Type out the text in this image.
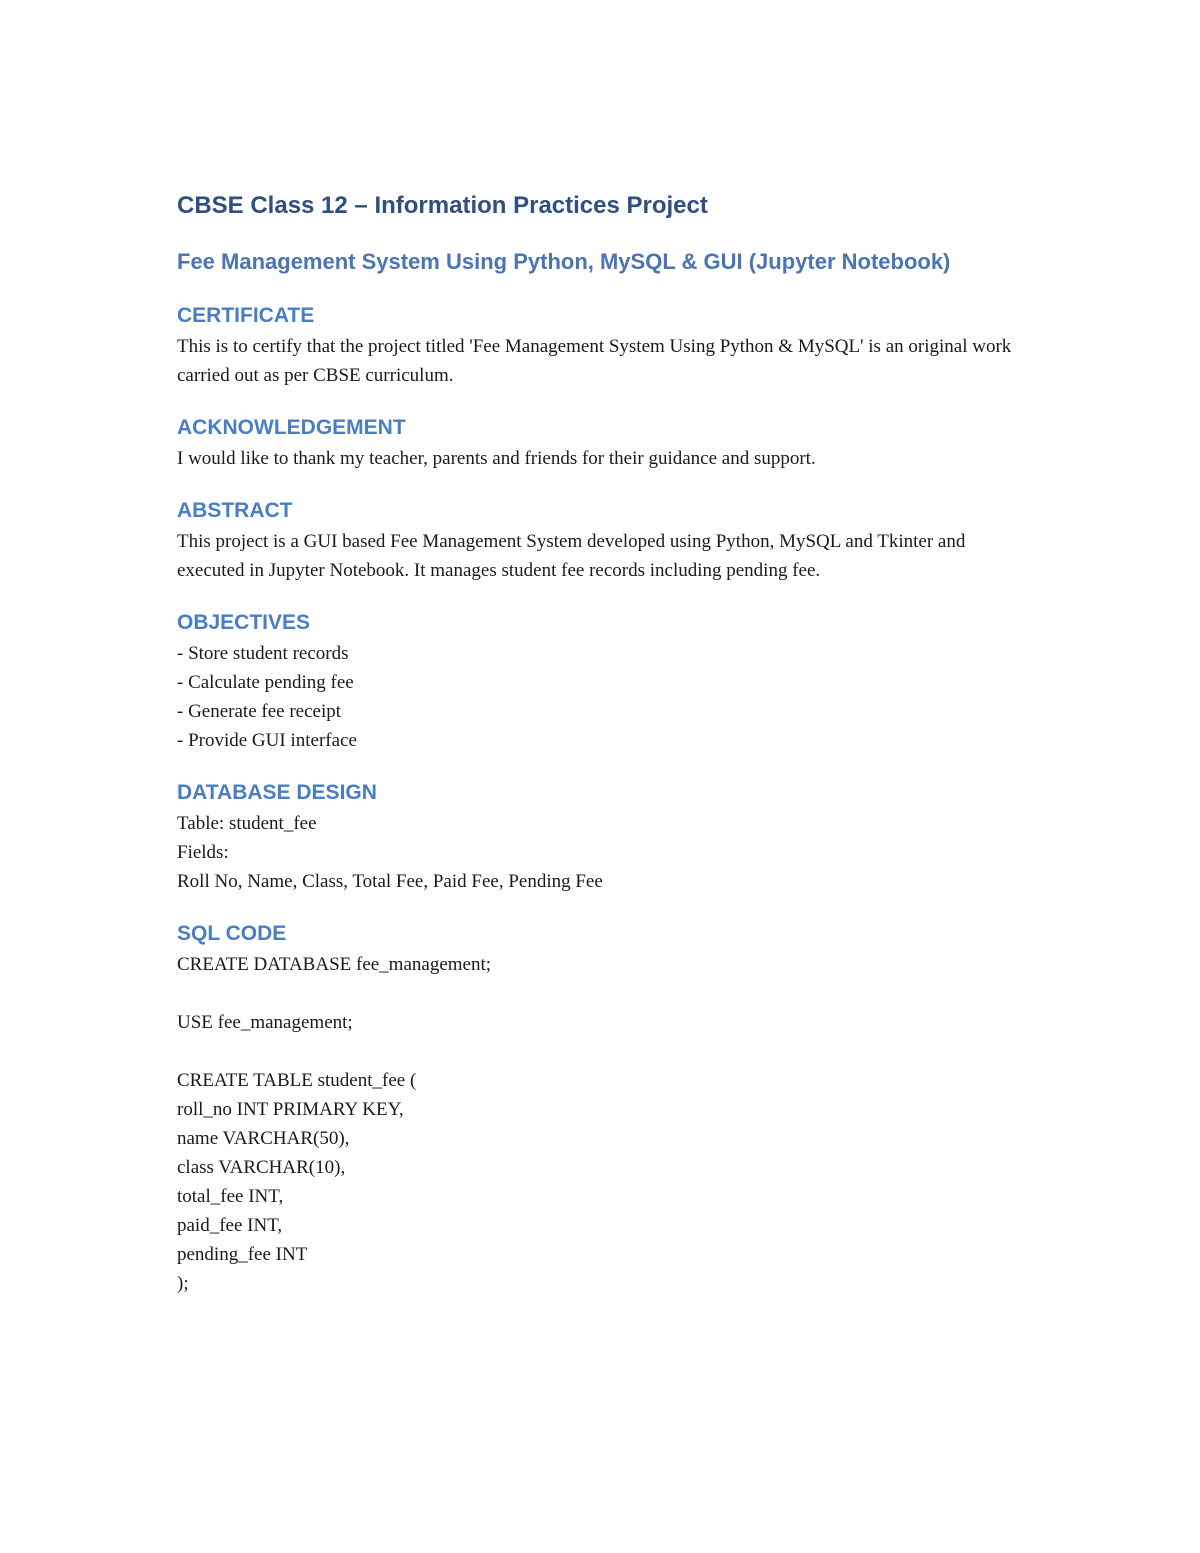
CBSE Class 12 – Information Practices Project
Fee Management System Using Python, MySQL & GUI (Jupyter Notebook)
CERTIFICATE

This is to certify that the project titled 'Fee Management System Using Python & MySQL' is an original work carried out as per CBSE curriculum.

ACKNOWLEDGEMENT

I would like to thank my teacher, parents and friends for their guidance and support.

ABSTRACT

This project is a GUI based Fee Management System developed using Python, MySQL and Tkinter and executed in Jupyter Notebook. It manages student fee records including pending fee.

OBJECTIVES
- Store student records
- Calculate pending fee
- Generate fee receipt
- Provide GUI interface
DATABASE DESIGN
Table: student_fee
Fields:
Roll No, Name, Class, Total Fee, Paid Fee, Pending Fee
SQL CODE
CREATE DATABASE fee_management;
USE fee_management;
CREATE TABLE student_fee (
roll_no INT PRIMARY KEY,
name VARCHAR(50),
class VARCHAR(10),
total_fee INT,
paid_fee INT,
pending_fee INT
);
